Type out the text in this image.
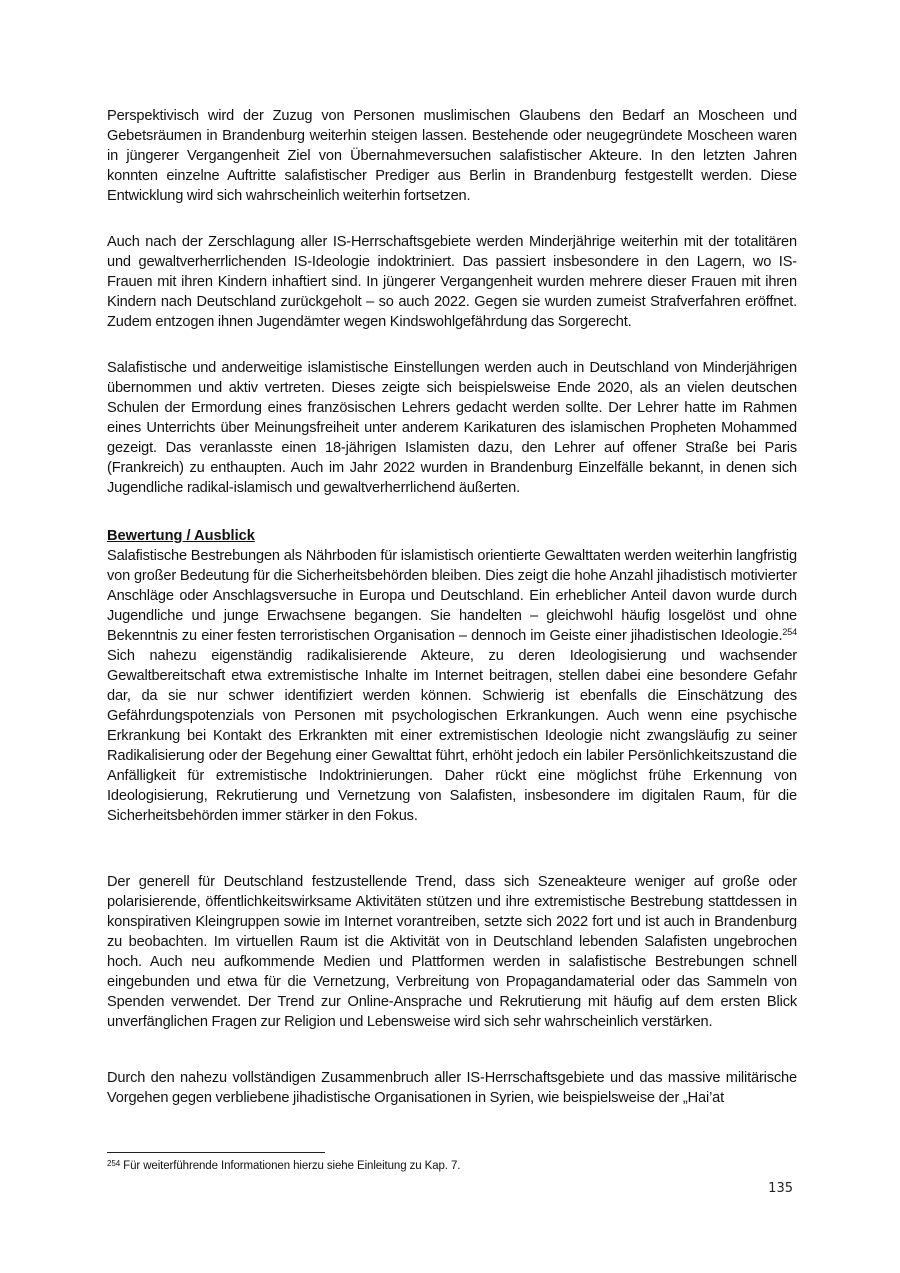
Perspektivisch wird der Zuzug von Personen muslimischen Glaubens den Bedarf an Moscheen und Gebetsräumen in Brandenburg weiterhin steigen lassen. Bestehende oder neugegründete Moscheen waren in jüngerer Vergangenheit Ziel von Übernahmeversuchen salafistischer Akteure. In den letzten Jahren konnten einzelne Auftritte salafistischer Prediger aus Berlin in Brandenburg festgestellt werden. Diese Entwicklung wird sich wahrscheinlich weiterhin fortsetzen.

Auch nach der Zerschlagung aller IS-Herrschaftsgebiete werden Minderjährige weiterhin mit der totalitären und gewaltverherrlichenden IS-Ideologie indoktriniert. Das passiert insbesondere in den Lagern, wo IS-Frauen mit ihren Kindern inhaftiert sind. In jüngerer Vergangenheit wurden mehrere dieser Frauen mit ihren Kindern nach Deutschland zurückgeholt – so auch 2022. Gegen sie wurden zumeist Strafverfahren eröffnet. Zudem entzogen ihnen Jugendämter wegen Kindswohlgefährdung das Sorgerecht.

Salafistische und anderweitige islamistische Einstellungen werden auch in Deutschland von Minderjährigen übernommen und aktiv vertreten. Dieses zeigte sich beispielsweise Ende 2020, als an vielen deutschen Schulen der Ermordung eines französischen Lehrers gedacht werden sollte. Der Lehrer hatte im Rahmen eines Unterrichts über Meinungsfreiheit unter anderem Karikaturen des islamischen Propheten Mohammed gezeigt. Das veranlasste einen 18-jährigen Islamisten dazu, den Lehrer auf offener Straße bei Paris (Frankreich) zu enthaupten. Auch im Jahr 2022 wurden in Brandenburg Einzelfälle bekannt, in denen sich Jugendliche radikal-islamisch und gewaltverherrlichend äußerten.

Bewertung / Ausblick

Salafistische Bestrebungen als Nährboden für islamistisch orientierte Gewalttaten werden weiterhin langfristig von großer Bedeutung für die Sicherheitsbehörden bleiben. Dies zeigt die hohe Anzahl jihadistisch motivierter Anschläge oder Anschlagsversuche in Europa und Deutschland. Ein erheblicher Anteil davon wurde durch Jugendliche und junge Erwachsene begangen. Sie handelten – gleichwohl häufig losgelöst und ohne Bekenntnis zu einer festen terroristischen Organisation – dennoch im Geiste einer jihadistischen Ideologie.$^{254}$ Sich nahezu eigenständig radikalisierende Akteure, zu deren Ideologisierung und wachsender Gewaltbereitschaft etwa extremistische Inhalte im Internet beitragen, stellen dabei eine besondere Gefahr dar, da sie nur schwer identifiziert werden können. Schwierig ist ebenfalls die Einschätzung des Gefährdungspotenzials von Personen mit psychologischen Erkrankungen. Auch wenn eine psychische Erkrankung bei Kontakt des Erkrankten mit einer extremistischen Ideologie nicht zwangsläufig zu seiner Radikalisierung oder der Begehung einer Gewalttat führt, erhöht jedoch ein labiler Persönlichkeitszustand die Anfälligkeit für extremistische Indoktrinierungen. Daher rückt eine möglichst frühe Erkennung von Ideologisierung, Rekrutierung und Vernetzung von Salafisten, insbesondere im digitalen Raum, für die Sicherheitsbehörden immer stärker in den Fokus.

Der generell für Deutschland festzustellende Trend, dass sich Szeneakteure weniger auf große oder polarisierende, öffentlichkeitswirksame Aktivitäten stützen und ihre extremistische Bestrebung stattdessen in konspirativen Kleingruppen sowie im Internet vorantreiben, setzte sich 2022 fort und ist auch in Brandenburg zu beobachten. Im virtuellen Raum ist die Aktivität von in Deutschland lebenden Salafisten ungebrochen hoch. Auch neu aufkommende Medien und Plattformen werden in salafistische Bestrebungen schnell eingebunden und etwa für die Vernetzung, Verbreitung von Propagandamaterial oder das Sammeln von Spenden verwendet. Der Trend zur Online-Ansprache und Rekrutierung mit häufig auf dem ersten Blick unverfänglichen Fragen zur Religion und Lebensweise wird sich sehr wahrscheinlich verstärken.

Durch den nahezu vollständigen Zusammenbruch aller IS-Herrschaftsgebiete und das massive militärische Vorgehen gegen verbliebene jihadistische Organisationen in Syrien, wie beispielsweise der „Hai’at

$^{254}$ Für weiterführende Informationen hierzu siehe Einleitung zu Kap. 7.
135
